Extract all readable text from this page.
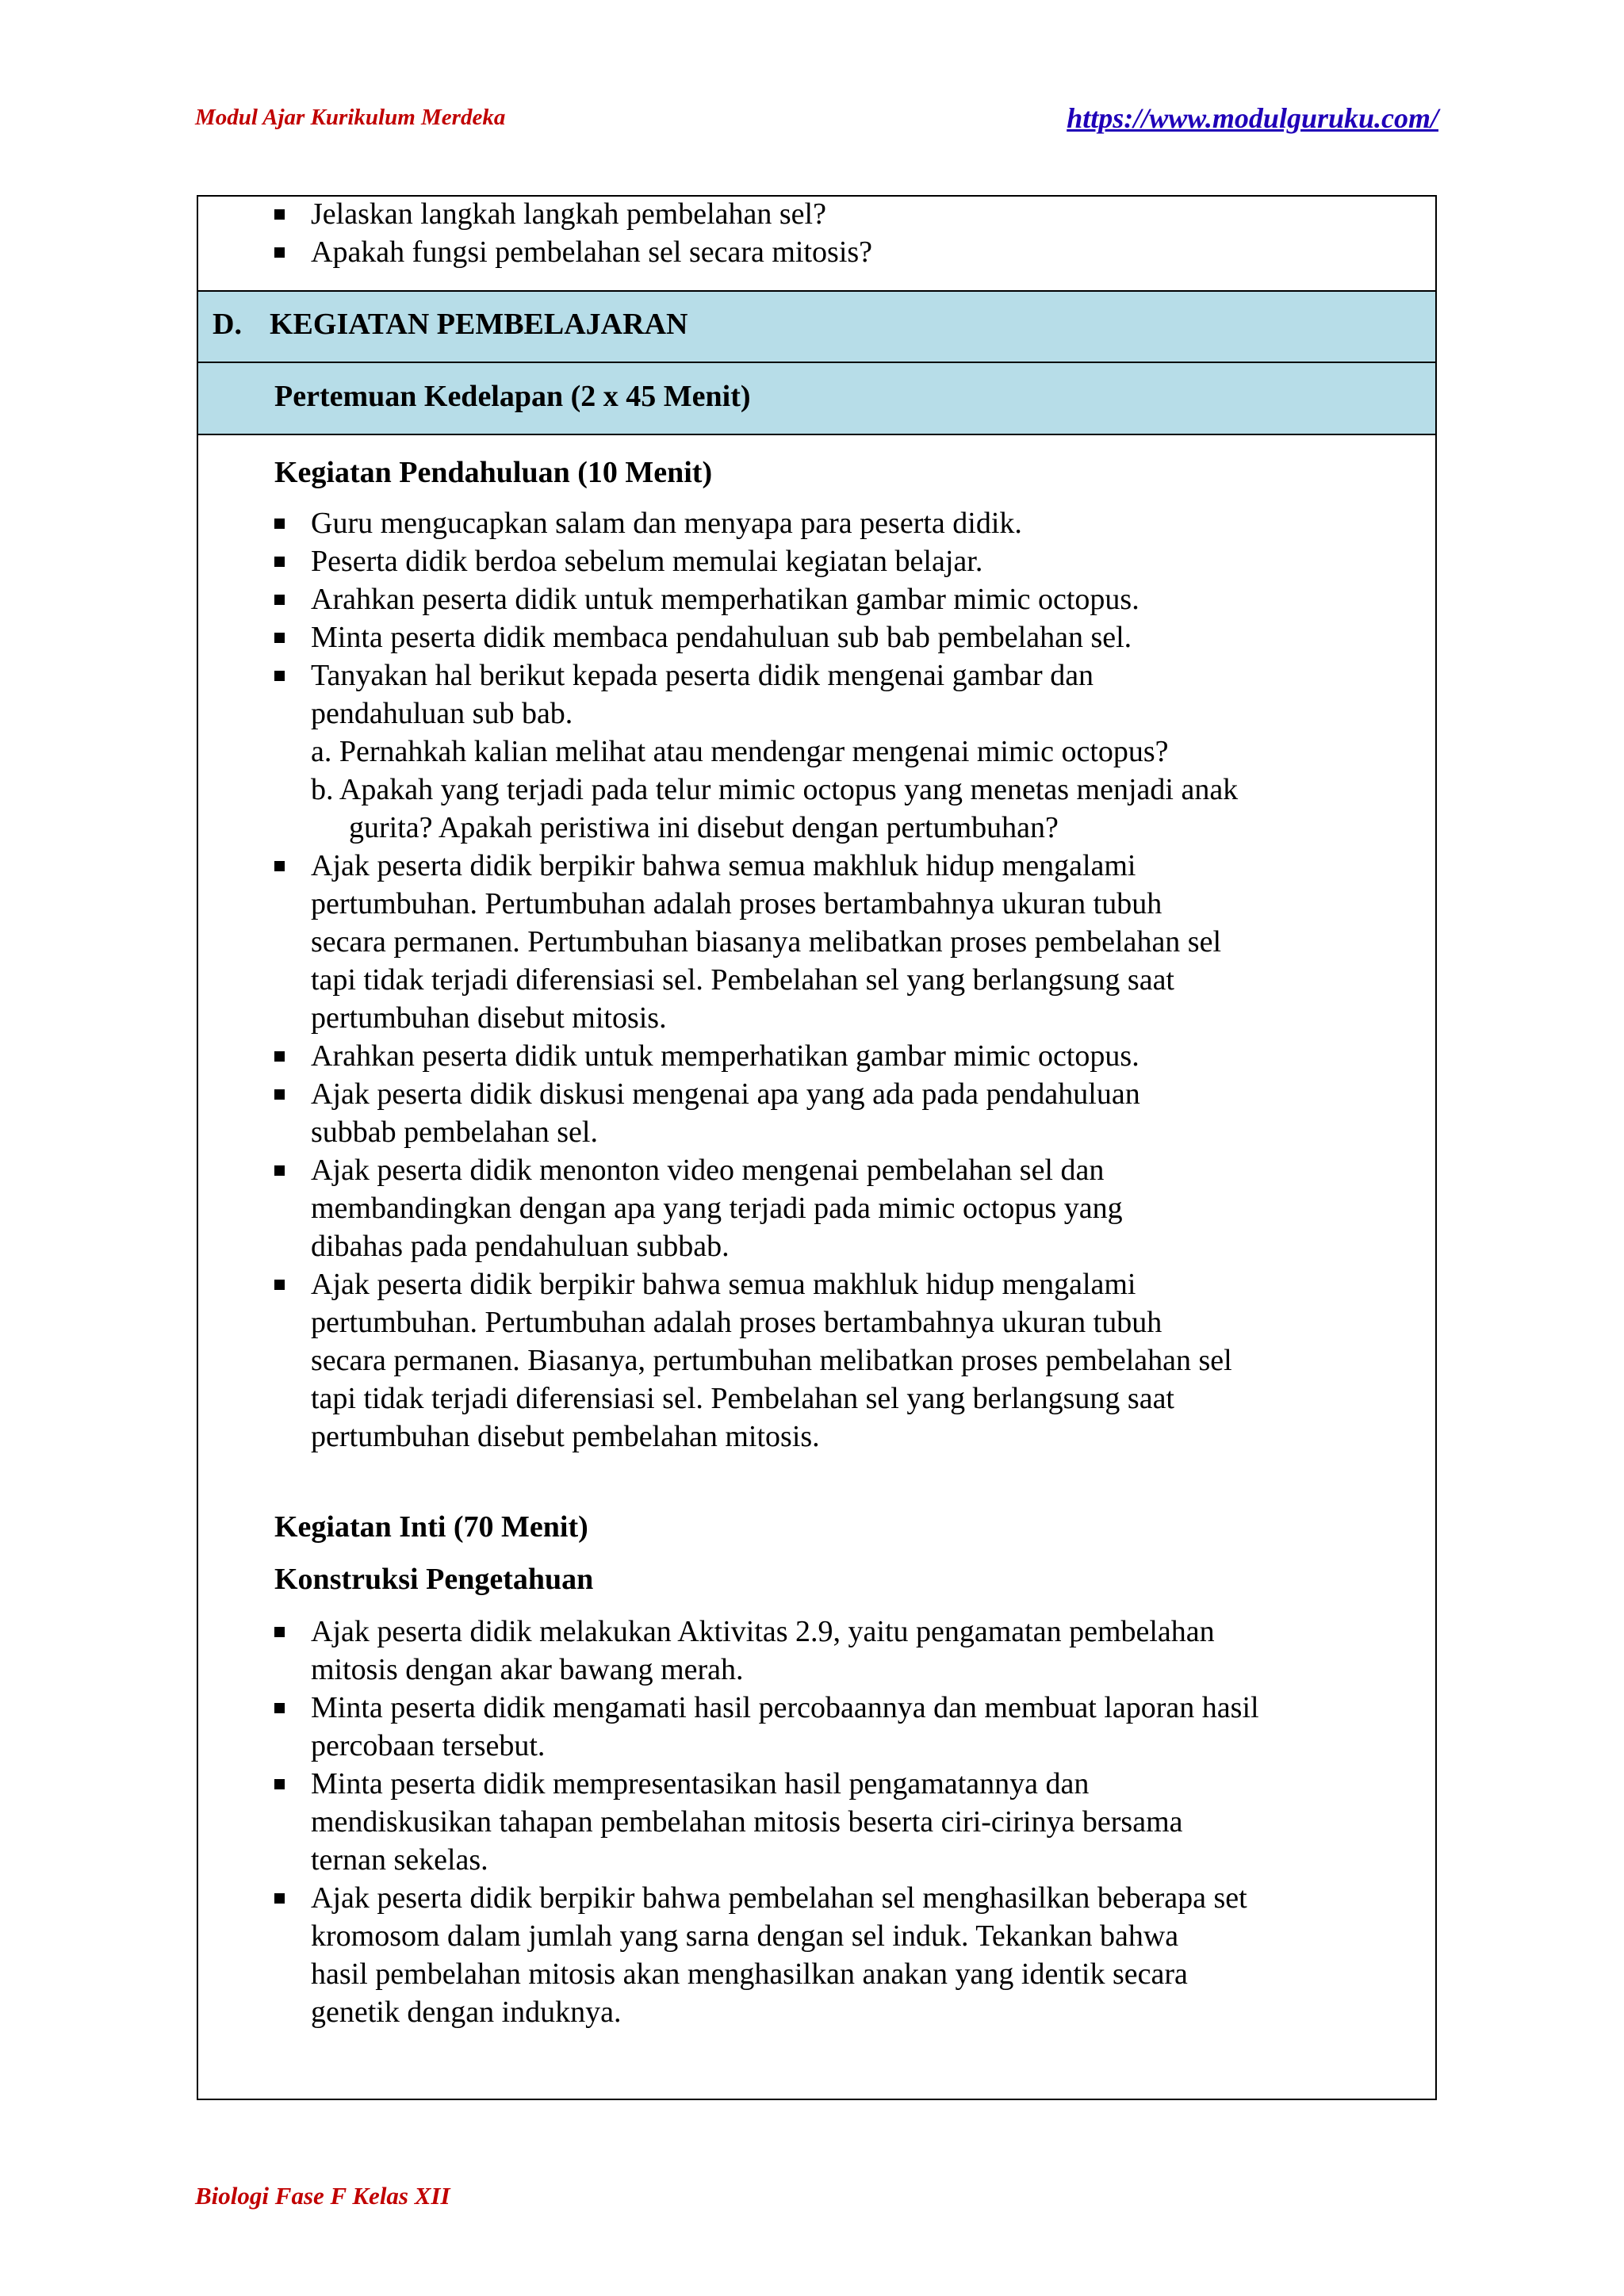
Modul Ajar Kurikulum Merdeka	https://www.modulguruku.com/
Jelaskan langkah langkah pembelahan sel?
Apakah fungsi pembelahan sel secara mitosis?
D. KEGIATAN PEMBELAJARAN
Pertemuan Kedelapan (2 x 45 Menit)
Kegiatan Pendahuluan (10 Menit)
Guru mengucapkan salam dan menyapa para peserta didik.
Peserta didik berdoa sebelum memulai kegiatan belajar.
Arahkan peserta didik untuk memperhatikan gambar mimic octopus.
Minta peserta didik membaca pendahuluan sub bab pembelahan sel.
Tanyakan hal berikut kepada peserta didik mengenai gambar dan
pendahuluan sub bab.
a. Pernahkah kalian melihat atau mendengar mengenai mimic octopus?
b. Apakah yang terjadi pada telur mimic octopus yang menetas menjadi anak
gurita? Apakah peristiwa ini disebut dengan pertumbuhan?
Ajak peserta didik berpikir bahwa semua makhluk hidup mengalami
pertumbuhan. Pertumbuhan adalah proses bertambahnya ukuran tubuh
secara permanen. Pertumbuhan biasanya melibatkan proses pembelahan sel
tapi tidak terjadi diferensiasi sel. Pembelahan sel yang berlangsung saat
pertumbuhan disebut mitosis.
Arahkan peserta didik untuk memperhatikan gambar mimic octopus.
Ajak peserta didik diskusi mengenai apa yang ada pada pendahuluan
subbab pembelahan sel.
Ajak peserta didik menonton video mengenai pembelahan sel dan
membandingkan dengan apa yang terjadi pada mimic octopus yang
dibahas pada pendahuluan subbab.
Ajak peserta didik berpikir bahwa semua makhluk hidup mengalami
pertumbuhan. Pertumbuhan adalah proses bertambahnya ukuran tubuh
secara permanen. Biasanya, pertumbuhan melibatkan proses pembelahan sel
tapi tidak terjadi diferensiasi sel. Pembelahan sel yang berlangsung saat
pertumbuhan disebut pembelahan mitosis.
Kegiatan Inti (70 Menit)
Konstruksi Pengetahuan
Ajak peserta didik melakukan Aktivitas 2.9, yaitu pengamatan pembelahan
mitosis dengan akar bawang merah.
Minta peserta didik mengamati hasil percobaannya dan membuat laporan hasil
percobaan tersebut.
Minta peserta didik mempresentasikan hasil pengamatannya dan
mendiskusikan tahapan pembelahan mitosis beserta ciri-cirinya bersama
ternan sekelas.
Ajak peserta didik berpikir bahwa pembelahan sel menghasilkan beberapa set
kromosom dalam jumlah yang sarna dengan sel induk. Tekankan bahwa
hasil pembelahan mitosis akan menghasilkan anakan yang identik secara
genetik dengan induknya.
Biologi Fase F Kelas XII
